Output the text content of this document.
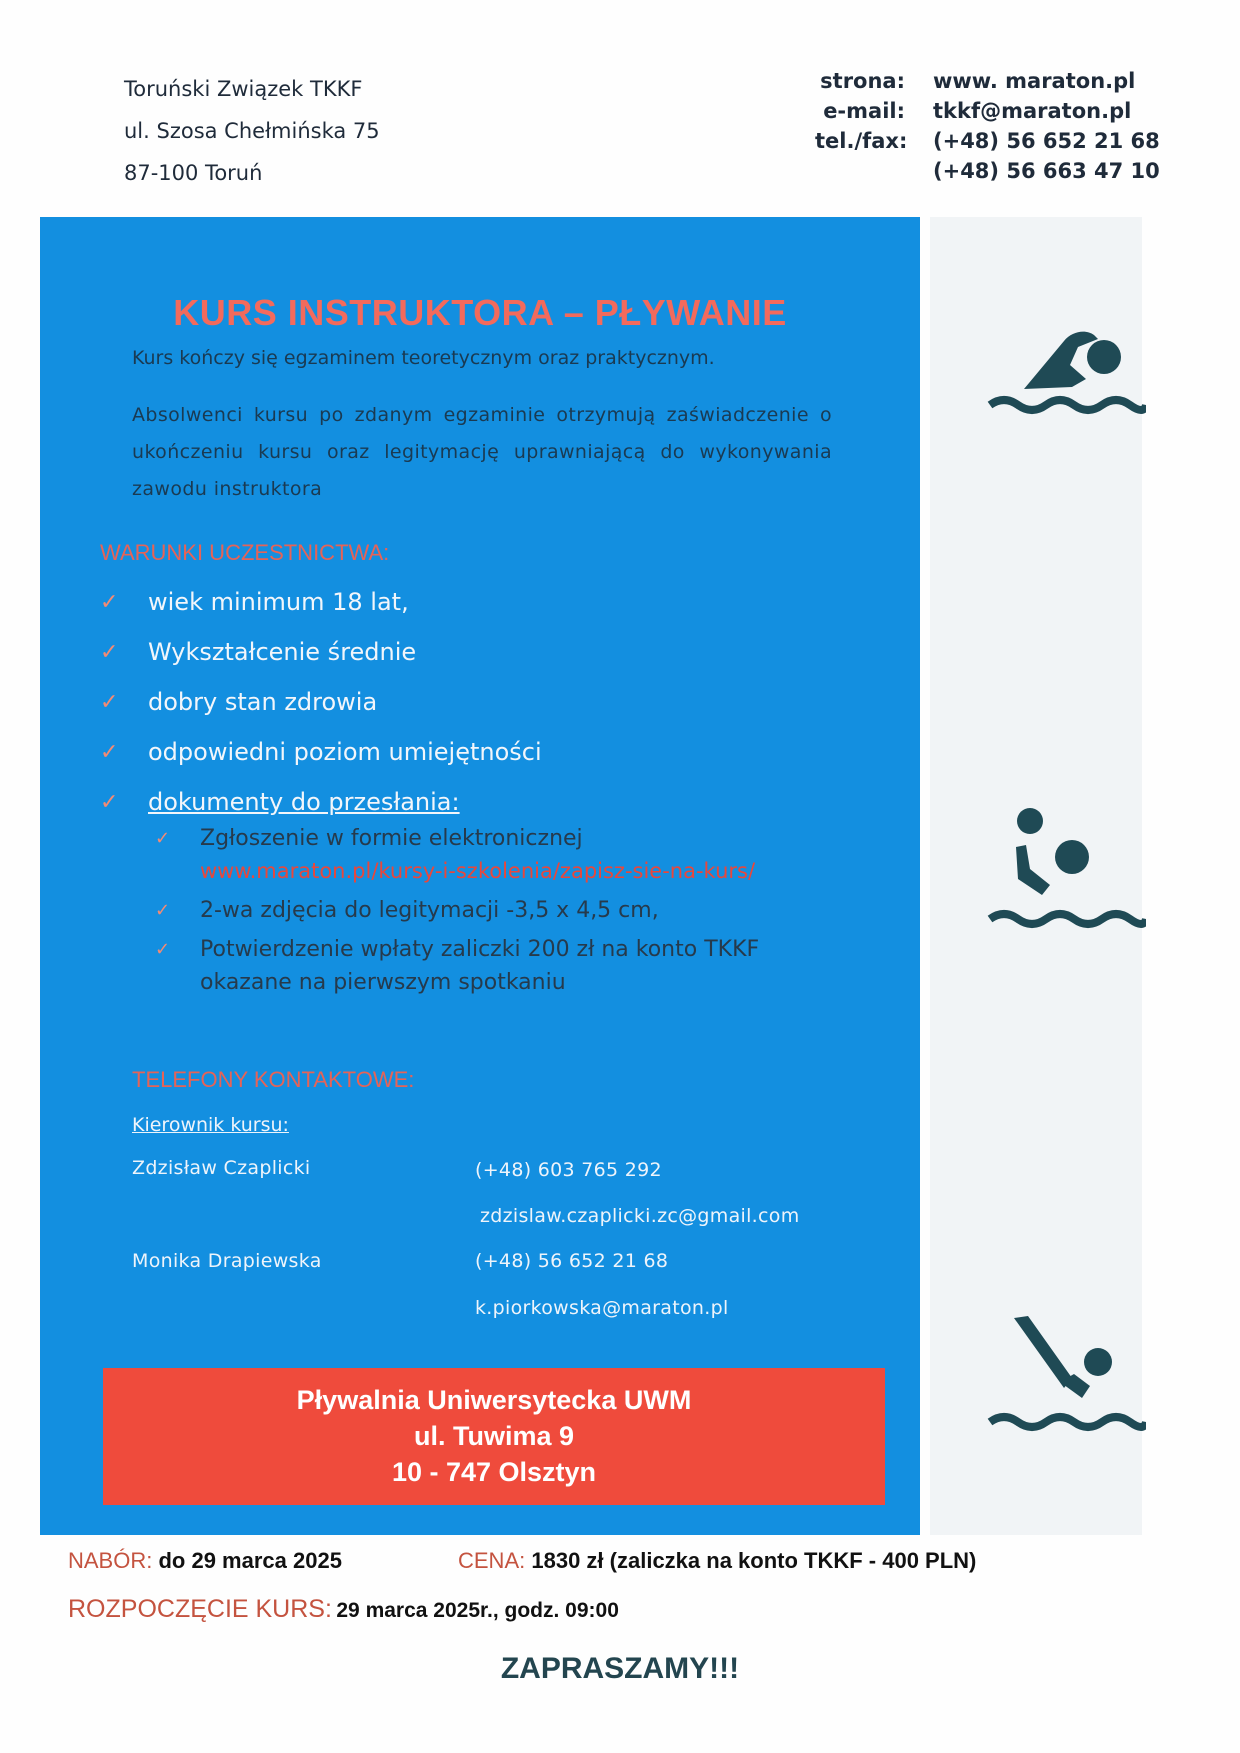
Toruński Związek TKKF
ul. Szosa Chełmińska 75
87-100 Toruń
strona: www. maraton.pl
e-mail: tkkf@maraton.pl
tel./fax: (+48) 56 652 21 68
(+48) 56 663 47 10
KURS INSTRUKTORA – PŁYWANIE
Kurs kończy się egzaminem teoretycznym oraz praktycznym.
Absolwenci kursu po zdanym egzaminie otrzymują zaświadczenie o ukończeniu kursu oraz legitymację uprawniającą do wykonywania zawodu instruktora
WARUNKI UCZESTNICTWA:
✓	wiek minimum 18 lat,
✓	Wykształcenie średnie
✓	dobry stan zdrowia
✓	odpowiedni poziom umiejętności
✓	dokumenty do przesłania:
✓	Zgłoszenie w formie elektronicznej
www.maraton.pl/kursy-i-szkolenia/zapisz-sie-na-kurs/
✓	2-wa zdjęcia do legitymacji -3,5 x 4,5 cm,
✓	Potwierdzenie wpłaty zaliczki 200 zł na konto TKKF okazane na pierwszym spotkaniu
TELEFONY KONTAKTOWE:
Kierownik kursu:
Zdzisław Czaplicki	(+48) 603 765 292
zdzislaw.czaplicki.zc@gmail.com
Monika Drapiewska	(+48) 56 652 21 68
k.piorkowska@maraton.pl
Pływalnia Uniwersytecka UWM
ul. Tuwima 9
10 - 747 Olsztyn
NABÓR: do 29 marca 2025	CENA: 1830 zł (zaliczka na konto TKKF - 400 PLN)
ROZPOCZĘCIE KURS: 29 marca 2025r., godz. 09:00
ZAPRASZAMY!!!
